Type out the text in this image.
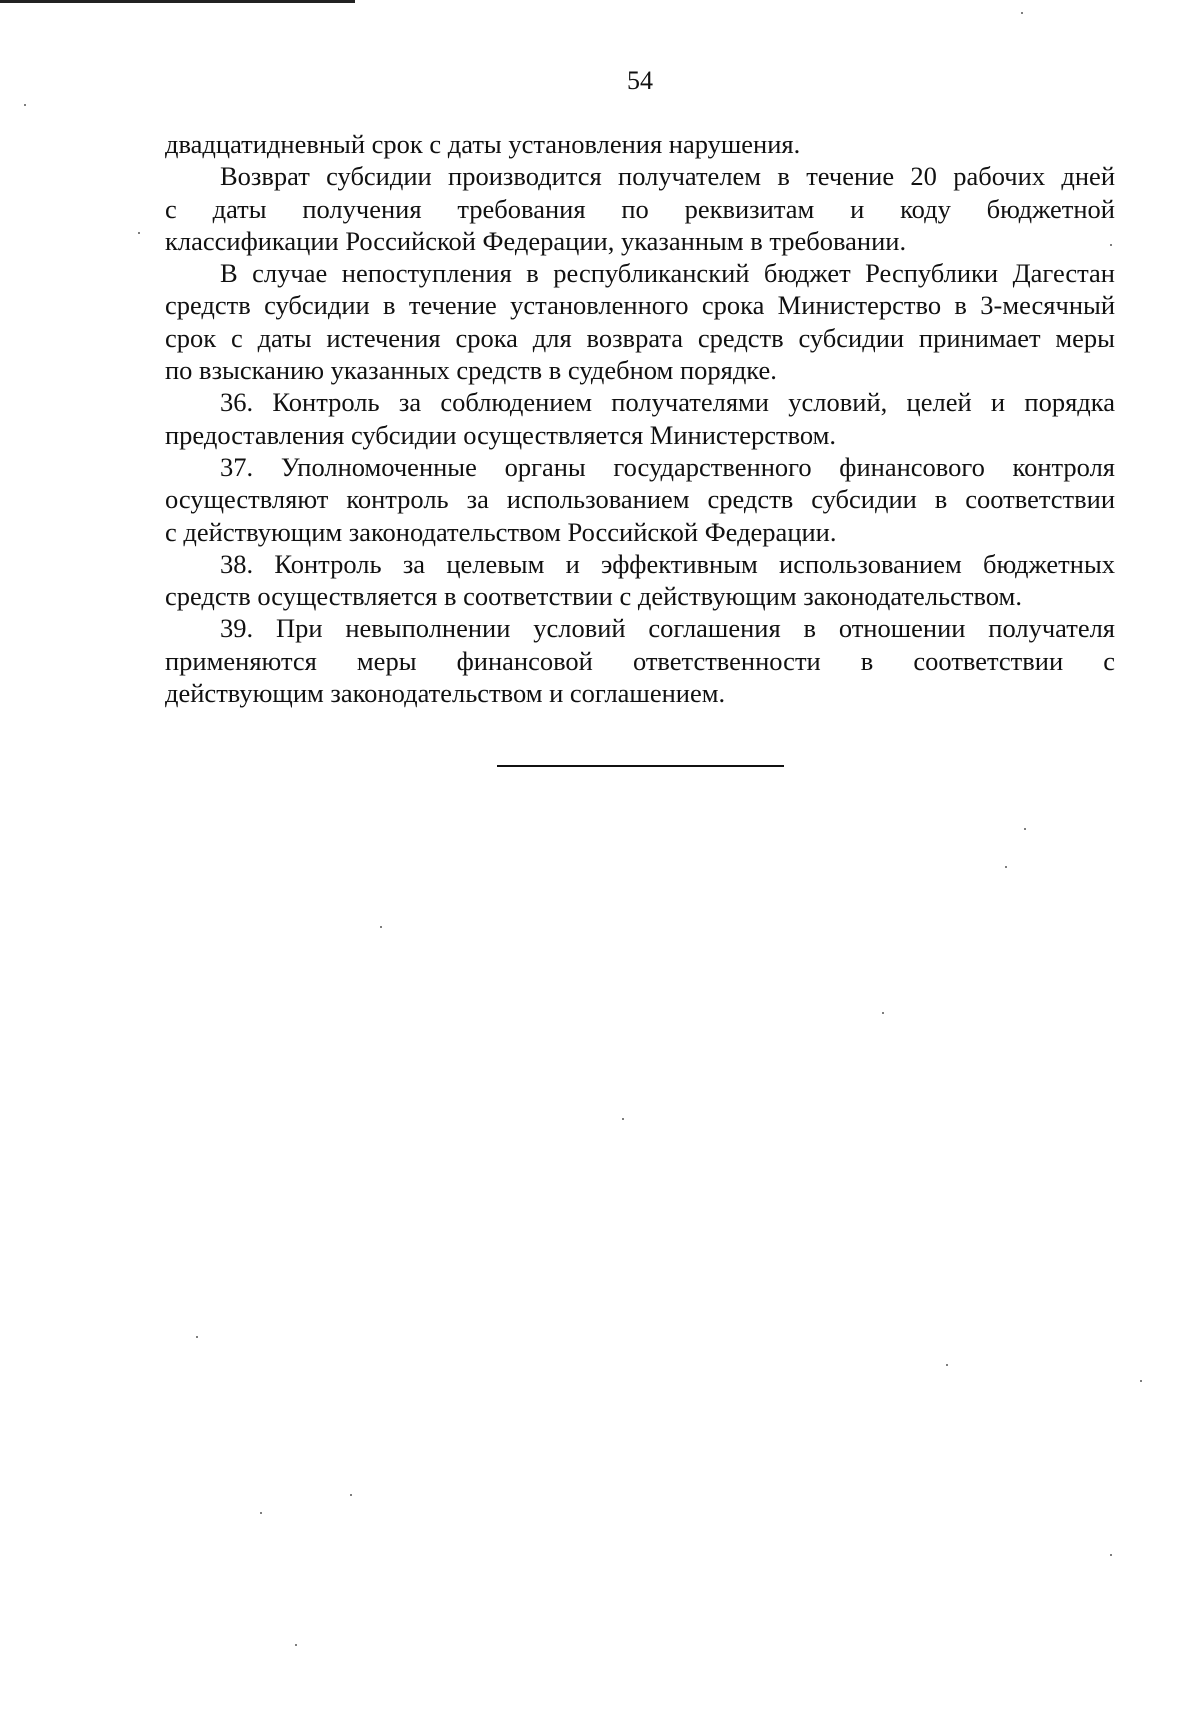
54

двадцатидневный срок с даты установления нарушения.

Возврат субсидии производится получателем в течение 20 рабочих дней
с даты получения требования по реквизитам и коду бюджетной
классификации Российской Федерации, указанным в требовании.

В случае непоступления в республиканский бюджет Республики Дагестан
средств субсидии в течение установленного срока Министерство в 3-месячный
срок с даты истечения срока для возврата средств субсидии принимает меры
по взысканию указанных средств в судебном порядке.

36. Контроль за соблюдением получателями условий, целей и порядка
предоставления субсидии осуществляется Министерством.

37. Уполномоченные органы государственного финансового контроля
осуществляют контроль за использованием средств субсидии в соответствии
с действующим законодательством Российской Федерации.

38. Контроль за целевым и эффективным использованием бюджетных
средств осуществляется в соответствии с действующим законодательством.

39. При невыполнении условий соглашения в отношении получателя
применяются меры финансовой ответственности в соответствии с
действующим законодательством и соглашением.
